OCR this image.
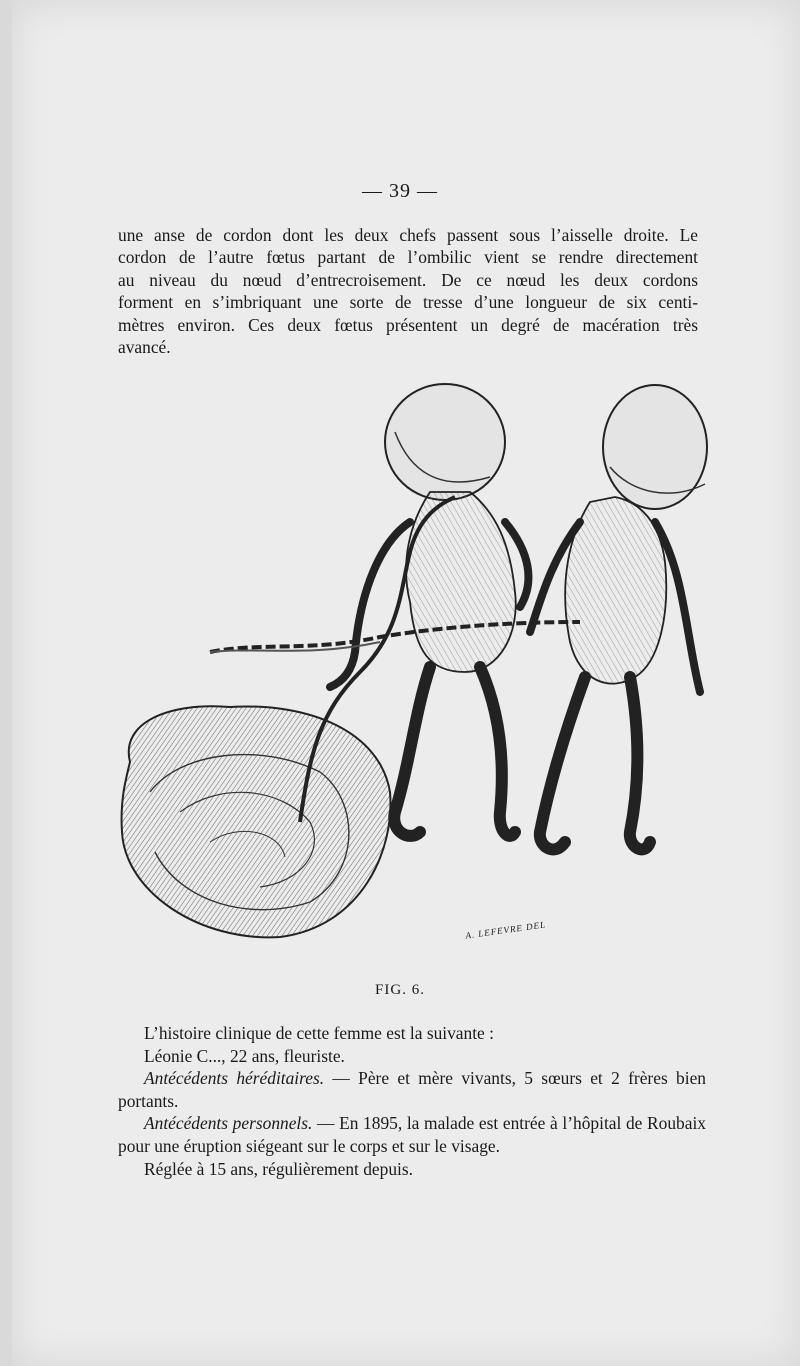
— 39 —
une anse de cordon dont les deux chefs passent sous l’aisselle droite. Le
cordon de l’autre fœtus partant de l’ombilic vient se rendre directement
au niveau du nœud d’entrecroisement. De ce nœud les deux cordons
forment en s’imbriquant une sorte de tresse d’une longueur de six centi-
mètres environ. Ces deux fœtus présentent un degré de macération très
avancé.
A. LEFEVRE DEL
FIG. 6.

L’histoire clinique de cette femme est la suivante :

Léonie C..., 22 ans, fleuriste.

Antécédents héréditaires. — Père et mère vivants, 5 sœurs et 2 frères bien portants.

Antécédents personnels. — En 1895, la malade est entrée à l’hôpital de Roubaix pour une éruption siégeant sur le corps et sur le visage.

Réglée à 15 ans, régulièrement depuis.
